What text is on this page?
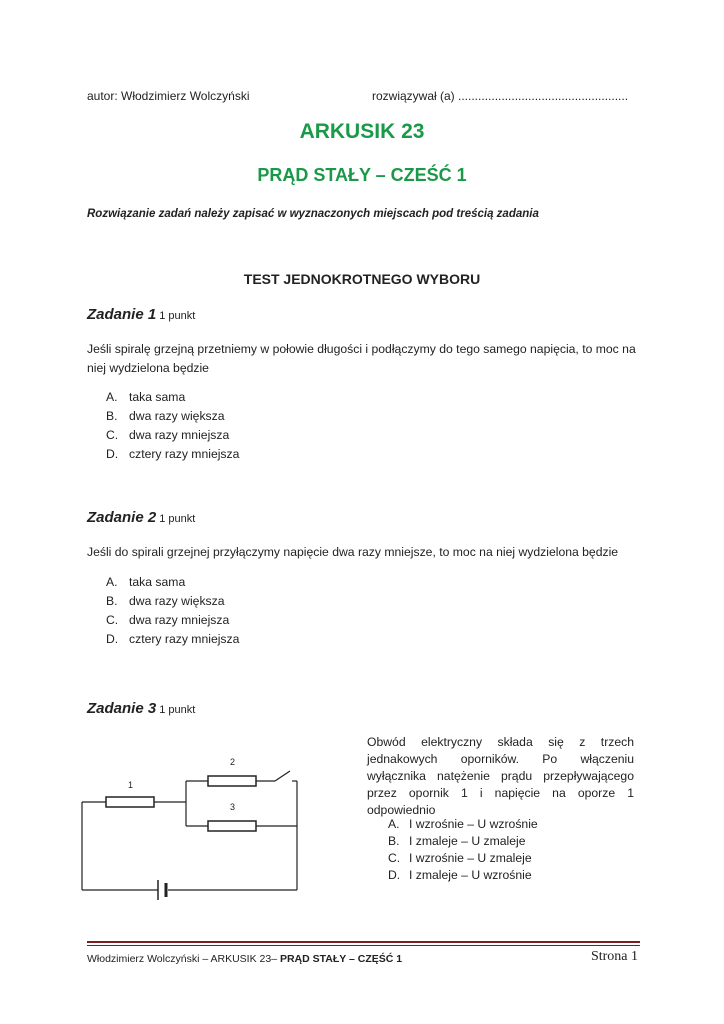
autor: Włodzimierz Wolczyński	rozwiązywał (a) ...................................................
ARKUSIK 23
PRĄD STAŁY – CZEŚĆ 1
Rozwiązanie zadań należy zapisać w wyznaczonych miejscach pod treścią zadania
TEST JEDNOKROTNEGO WYBORU
Zadanie 1 1 punkt
Jeśli spiralę grzejną przetniemy w połowie długości i podłączymy do tego samego napięcia, to moc na niej wydzielona będzie
A. taka sama
B. dwa razy większa
C. dwa razy mniejsza
D. cztery razy mniejsza
Zadanie 2 1 punkt
Jeśli do spirali grzejnej przyłączymy napięcie dwa razy mniejsze, to moc na niej wydzielona będzie
A. taka sama
B. dwa razy większa
C. dwa razy mniejsza
D. cztery razy mniejsza
Zadanie 3 1 punkt
1
2
3
Obwód elektryczny składa się z trzech jednakowych oporników. Po włączeniu wyłącznika natężenie prądu przepływającego przez opornik 1 i napięcie na oporze 1 odpowiednio
A. I wzrośnie – U wzrośnie
B. I zmaleje – U zmaleje
C. I wzrośnie – U zmaleje
D. I zmaleje – U wzrośnie
Włodzimierz Wolczyński – ARKUSIK 23– PRĄD STAŁY – CZĘŚĆ 1	Strona 1
